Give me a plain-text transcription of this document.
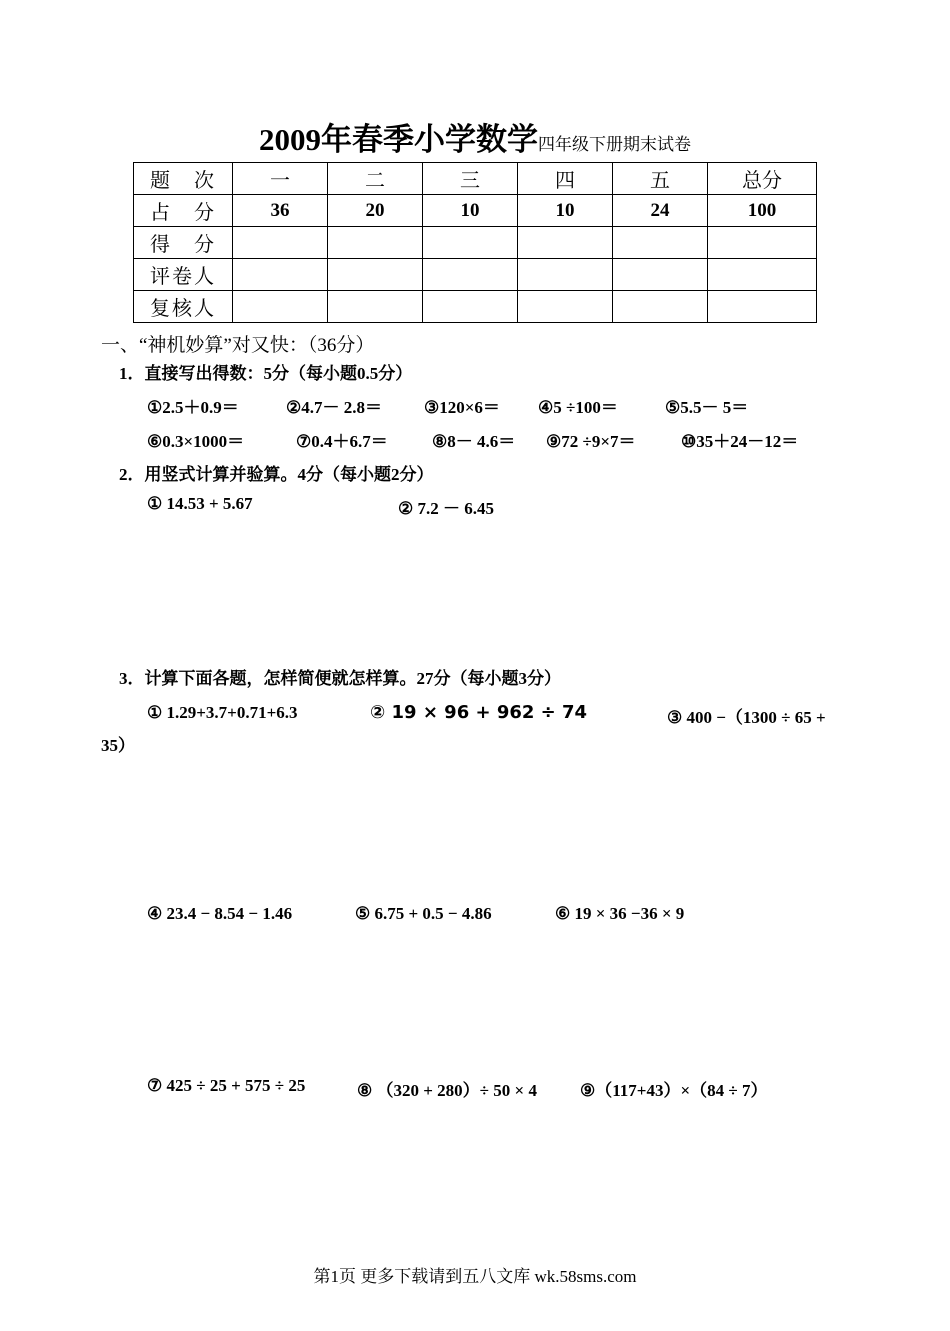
2009年春季小学数学四年级下册期末试卷
题　次	一	二	三	四	五	总分
占　分	36	20	10	10	24	100
得　分						
评卷人						
复核人						
一、“神机妙算”对又快：（36分）
1．直接写出得数：5分（每小题0.5分）
①2.5＋0.9＝	②4.7－ 2.8＝ ③120×6＝ ④5 ÷100＝	⑤5.5－ 5＝
⑥0.3×1000＝	⑦0.4＋6.7＝	⑧8－ 4.6＝ ⑨72 ÷9×7＝	⑩35＋24－12＝
2．用竖式计算并验算。4分（每小题2分）
① 14.53 + 5.67	② 7.2 － 6.45
3．计算下面各题，怎样简便就怎样算。27分（每小题3分）
① 1.29+3.7+0.71+6.3	② 19 × 96 + 962 ÷ 74	③ 400 −（1300 ÷ 65 +
35）
④ 23.4 − 8.54 − 1.46	⑤ 6.75 + 0.5 − 4.86	⑥ 19 × 36 −36 × 9
⑦ 425 ÷ 25 + 575 ÷ 25	⑧ （320 + 280）÷ 50 × 4	⑨（117+43）×（84 ÷ 7）
第1页 更多下载请到五八文库 wk.58sms.com
